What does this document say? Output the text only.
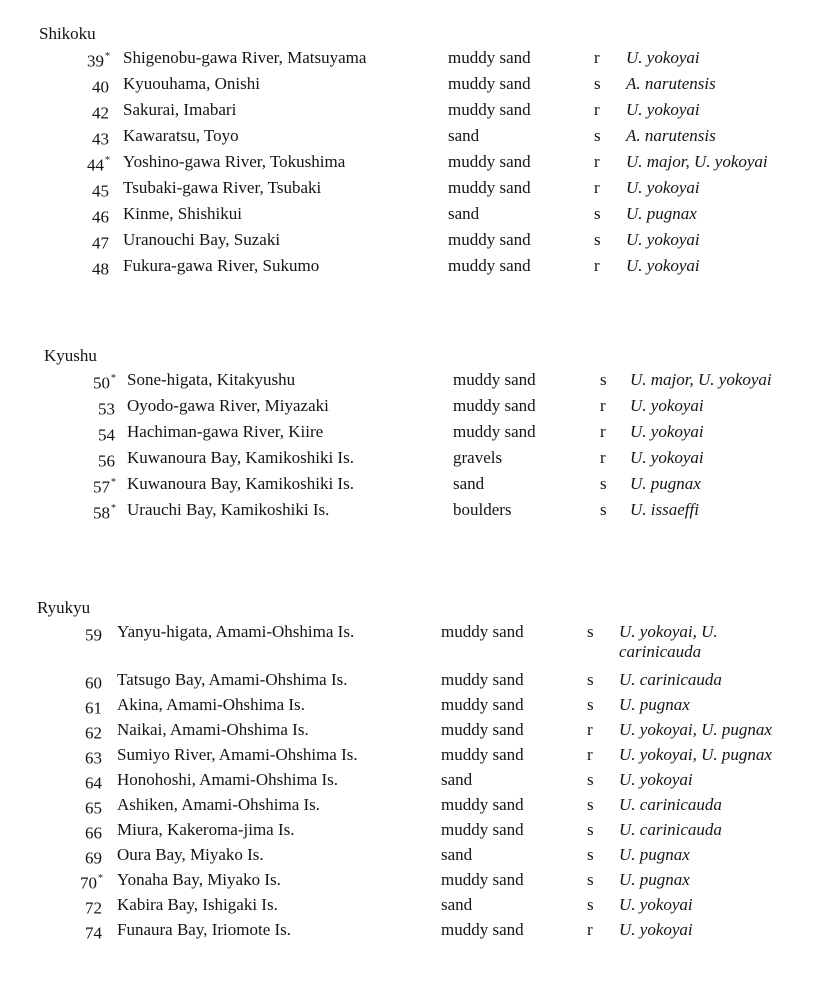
Shikoku
39* Shigenobu-gawa River, Matsuyama	muddy sand	r U. yokoyai
40 Kyuouhama, Onishi	muddy sand	s A. narutensis
42 Sakurai, Imabari	muddy sand	r U. yokoyai
43 Kawaratsu, Toyo	sand	s A. narutensis
44* Yoshino-gawa River, Tokushima	muddy sand	r U. major, U. yokoyai
45 Tsubaki-gawa River, Tsubaki	muddy sand	r U. yokoyai
46 Kinme, Shishikui	sand	s U. pugnax
47 Uranouchi Bay, Suzaki	muddy sand	s U. yokoyai
48 Fukura-gawa River, Sukumo	muddy sand	r U. yokoyai
Kyushu
50* Sone-higata, Kitakyushu	muddy sand	s U. major, U. yokoyai
53 Oyodo-gawa River, Miyazaki	muddy sand	r U. yokoyai
54 Hachiman-gawa River, Kiire	muddy sand	r U. yokoyai
56 Kuwanoura Bay, Kamikoshiki Is.	gravels	r U. yokoyai
57* Kuwanoura Bay, Kamikoshiki Is.	sand	s U. pugnax
58* Urauchi Bay, Kamikoshiki Is.	boulders	s U. issaeffi
Ryukyu
59 Yanyu-higata, Amami-Ohshima Is.	muddy sand	s U. yokoyai, U. carinicauda
60 Tatsugo Bay, Amami-Ohshima Is.	muddy sand	s U. carinicauda
61 Akina, Amami-Ohshima Is.	muddy sand	s U. pugnax
62 Naikai, Amami-Ohshima Is.	muddy sand	r U. yokoyai, U. pugnax
63 Sumiyo River, Amami-Ohshima Is.	muddy sand	r U. yokoyai, U. pugnax
64 Honohoshi, Amami-Ohshima Is.	sand	s U. yokoyai
65 Ashiken, Amami-Ohshima Is.	muddy sand	s U. carinicauda
66 Miura, Kakeroma-jima Is.	muddy sand	s U. carinicauda
69 Oura Bay, Miyako Is.	sand	s U. pugnax
70* Yonaha Bay, Miyako Is.	muddy sand	s U. pugnax
72 Kabira Bay, Ishigaki Is.	sand	s U. yokoyai
74 Funaura Bay, Iriomote Is.	muddy sand	r U. yokoyai
